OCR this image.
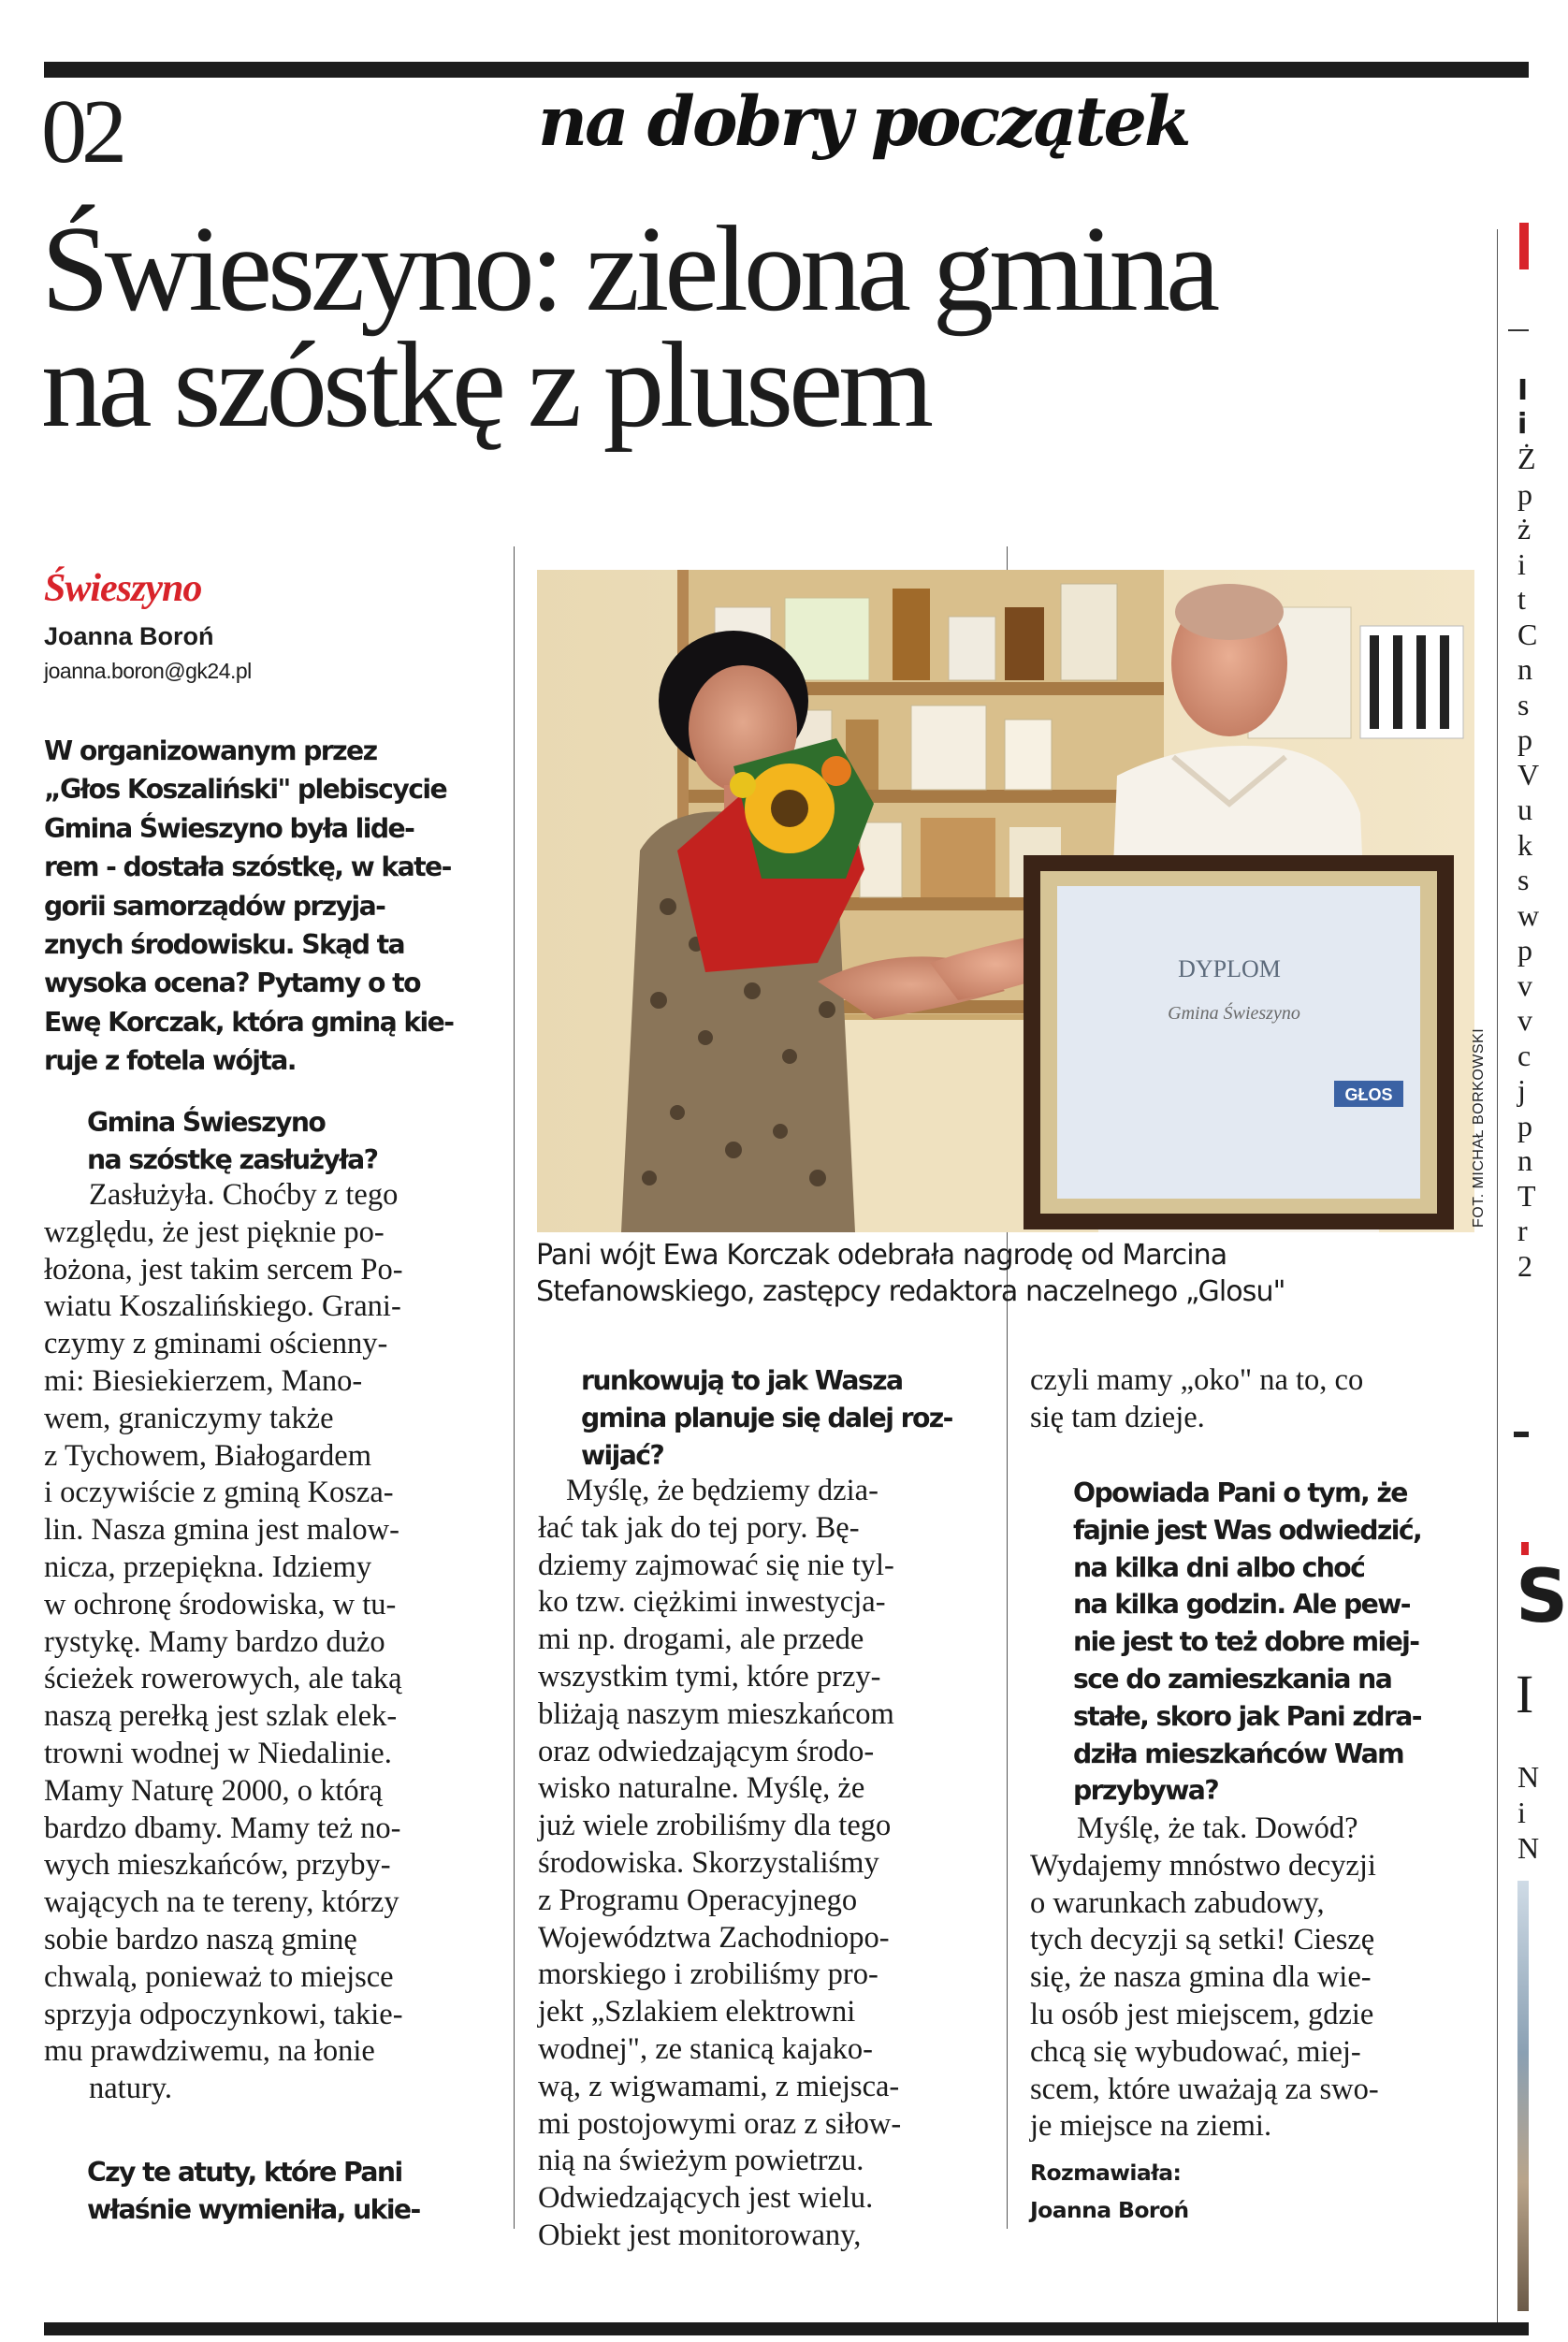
02	na dobry początek
Świeszyno: zielona gmina
na szóstkę z plusem
Świeszyno
Joanna Boroń
joanna.boron@gk24.pl
W organizowanym przez
„Głos Koszaliński" plebiscycie
Gmina Świeszyno była lide-
rem - dostała szóstkę, w kate-
gorii samorządów przyja-
znych środowisku. Skąd ta
wysoka ocena? Pytamy o to
Ewę Korczak, która gminą kie-
ruje z fotela wójta.
Gmina Świeszyno
na szóstkę zasłużyła?
Zasłużyła. Choćby z tego
względu, że jest pięknie po-
łożona, jest takim sercem Po-
wiatu Koszalińskiego. Grani-
czymy z gminami ościenny-
mi: Biesiekierzem, Mano-
wem, graniczymy także
z Tychowem, Białogardem
i oczywiście z gminą Kosza-
lin. Nasza gmina jest malow-
nicza, przepiękna. Idziemy
w ochronę środowiska, w tu-
rystykę. Mamy bardzo dużo
ścieżek rowerowych, ale taką
naszą perełką jest szlak elek-
trowni wodnej w Niedalinie.
Mamy Naturę 2000, o którą
bardzo dbamy. Mamy też no-
wych mieszkańców, przyby-
wających na te tereny, którzy
sobie bardzo naszą gminę
chwalą, ponieważ to miejsce
sprzyja odpoczynkowi, takie-
mu prawdziwemu, na łonie
natury.
Czy te atuty, które Pani
właśnie wymieniła, ukie-
DYPLOM
Gmina Świeszyno
GŁOS	FOT. MICHAŁ BORKOWSKI
Pani wójt Ewa Korczak odebrała nagrodę od Marcina
Stefanowskiego, zastępcy redaktora naczelnego „Glosu"
runkowują to jak Wasza
gmina planuje się dalej roz-
wijać?
Myślę, że będziemy dzia-
łać tak jak do tej pory. Bę-
dziemy zajmować się nie tyl-
ko tzw. ciężkimi inwestycja-
mi np. drogami, ale przede
wszystkim tymi, które przy-
bliżają naszym mieszkańcom
oraz odwiedzającym środo-
wisko naturalne. Myślę, że
już wiele zrobiliśmy dla tego
środowiska. Skorzystaliśmy
z Programu Operacyjnego
Województwa Zachodniopo-
morskiego i zrobiliśmy pro-
jekt „Szlakiem elektrowni
wodnej", ze stanicą kajako-
wą, z wigwamami, z miejsca-
mi postojowymi oraz z siłow-
nią na świeżym powietrzu.
Odwiedzających jest wielu.
Obiekt jest monitorowany,
czyli mamy „oko" na to, co
się tam dzieje.
Opowiada Pani o tym, że
fajnie jest Was odwiedzić,
na kilka dni albo choć
na kilka godzin. Ale pew-
nie jest to też dobre miej-
sce do zamieszkania na
stałe, skoro jak Pani zdra-
dziła mieszkańców Wam
przybywa?
Myślę, że tak. Dowód?
Wydajemy mnóstwo decyzji
o warunkach zabudowy,
tych decyzji są setki! Cieszę
się, że nasza gmina dla wie-
lu osób jest miejscem, gdzie
chcą się wybudować, miej-
scem, które uważają za swo-
je miejsce na ziemi.
Rozmawiała:
Joanna Boroń
I
i
Ż
p
ż
i
t
C
n
s
p
V
u
k
s
w
p
v
v
c
j
p
n
T
r
2
S
I
N
i
N
